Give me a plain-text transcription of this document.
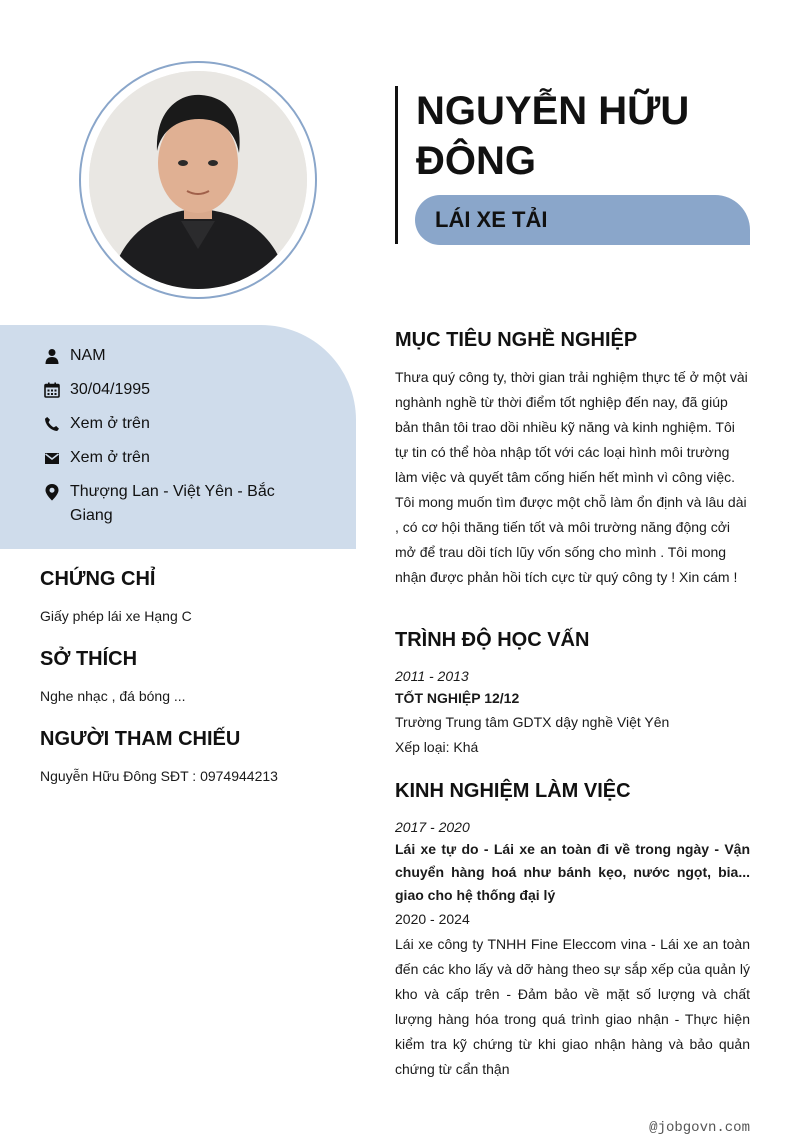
NGUYỄN HỮU ĐÔNG
LÁI XE TẢI
NAM
30/04/1995
Xem ở trên
Xem ở trên
Thượng Lan - Việt Yên - Bắc Giang
CHỨNG CHỈ
Giấy phép lái xe Hạng C
SỞ THÍCH
Nghe nhạc , đá bóng ...
NGƯỜI THAM CHIẾU
Nguyễn Hữu Đông SĐT : 0974944213
MỤC TIÊU NGHỀ NGHIỆP
Thưa quý công ty, thời gian trải nghiệm thực tế ở một vài nghành nghề từ thời điểm tốt nghiệp đến nay, đã giúp bản thân tôi trao dồi nhiều kỹ năng và kinh nghiệm. Tôi tự tin có thể hòa nhập tốt với các loại hình môi trường làm việc và quyết tâm cống hiến hết mình vì công việc. Tôi mong muốn tìm được một chỗ làm ổn định và lâu dài , có cơ hội thăng tiến tốt và môi trường năng động cởi mở để trau dồi tích lũy vốn sống cho mình . Tôi mong nhận được phản hồi tích cực từ quý công ty ! Xin cám !
TRÌNH ĐỘ HỌC VẤN
2011 - 2013
TỐT NGHIỆP 12/12
Trường Trung tâm GDTX dậy nghề Việt Yên
Xếp loại: Khá
KINH NGHIỆM LÀM VIỆC
2017 - 2020
Lái xe tự do - Lái xe an toàn đi về trong ngày - Vận chuyển hàng hoá như bánh kẹo, nước ngọt, bia... giao cho hệ thống đại lý
2020 - 2024
Lái xe công ty TNHH Fine Eleccom vina - Lái xe an toàn đến các kho lấy và dỡ hàng theo sự sắp xếp của quản lý kho và cấp trên - Đảm bảo về mặt số lượng và chất lượng hàng hóa trong quá trình giao nhận - Thực hiện kiểm tra kỹ chứng từ khi giao nhận hàng và bảo quản chứng từ cẩn thận
@jobgovn.com
